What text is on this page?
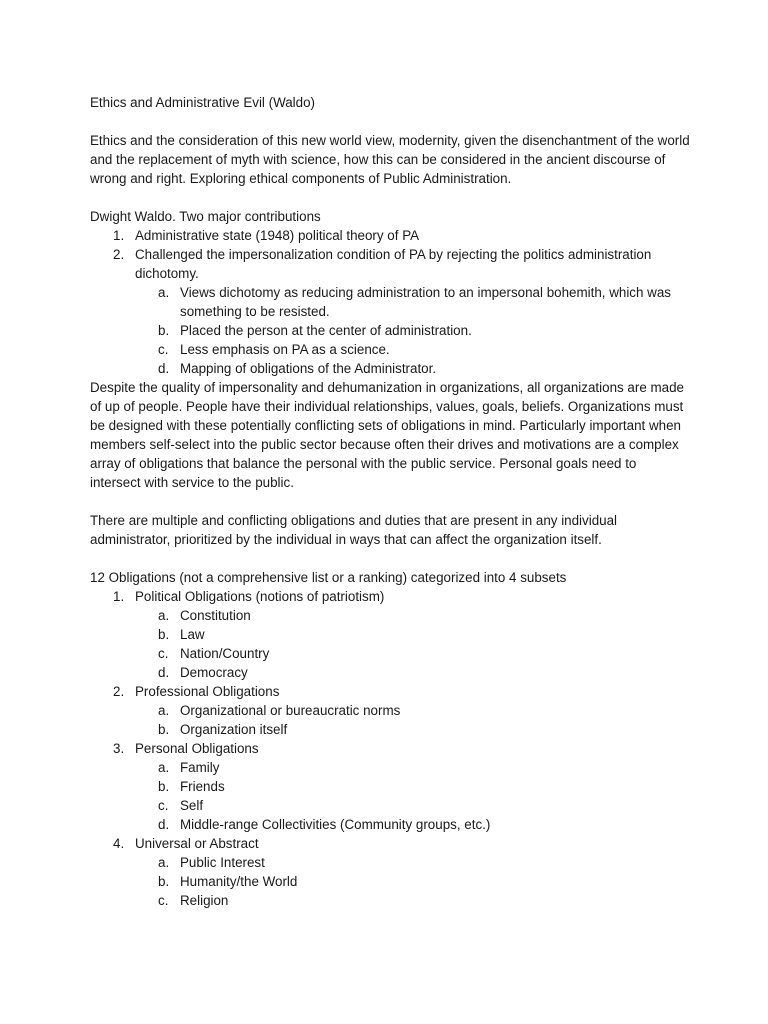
Ethics and Administrative Evil (Waldo)
Ethics and the consideration of this new world view, modernity, given the disenchantment of the world and the replacement of myth with science, how this can be considered in the ancient discourse of wrong and right. Exploring ethical components of Public Administration.
Dwight Waldo. Two major contributions
1. Administrative state (1948) political theory of PA
2. Challenged the impersonalization condition of PA by rejecting the politics administration dichotomy.
a. Views dichotomy as reducing administration to an impersonal bohemith, which was something to be resisted.
b. Placed the person at the center of administration.
c. Less emphasis on PA as a science.
d. Mapping of obligations of the Administrator.
Despite the quality of impersonality and dehumanization in organizations, all organizations are made of up of people. People have their individual relationships, values, goals, beliefs. Organizations must be designed with these potentially conflicting sets of obligations in mind. Particularly important when members self-select into the public sector because often their drives and motivations are a complex array of obligations that balance the personal with the public service. Personal goals need to intersect with service to the public.
There are multiple and conflicting obligations and duties that are present in any individual administrator, prioritized by the individual in ways that can affect the organization itself.
12 Obligations (not a comprehensive list or a ranking) categorized into 4 subsets
1. Political Obligations (notions of patriotism)
a. Constitution
b. Law
c. Nation/Country
d. Democracy
2. Professional Obligations
a. Organizational or bureaucratic norms
b. Organization itself
3. Personal Obligations
a. Family
b. Friends
c. Self
d. Middle-range Collectivities (Community groups, etc.)
4. Universal or Abstract
a. Public Interest
b. Humanity/the World
c. Religion
